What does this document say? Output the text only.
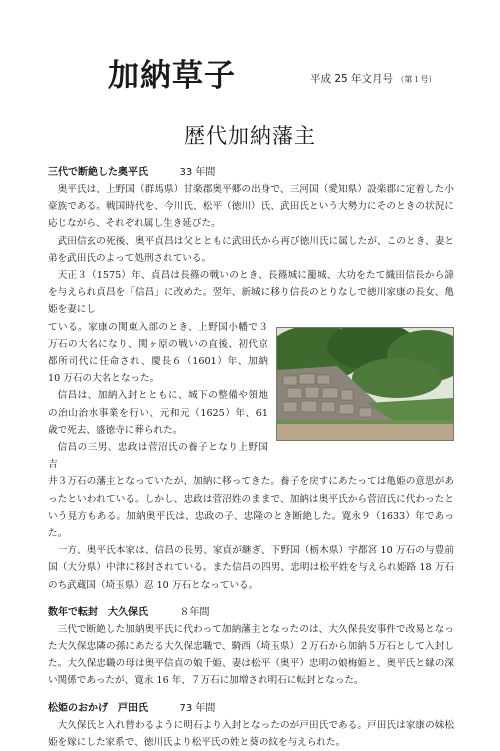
加納草子	平成 25 年文月号 （第１号）
歴代加納藩主
三代で断絶した奥平氏	33 年間

奥平氏は、上野国（群馬県）甘楽郡奥平郷の出身で、三河国（愛知県）設楽郡に定着した小豪族である。戦国時代を、今川氏、松平（徳川）氏、武田氏という大勢力にそのときの状況に応じながら、それぞれ属し生き延びた。

武田信玄の死後、奥平貞昌は父とともに武田氏から再び徳川氏に属したが、このとき、妻と弟を武田氏のよって処刑されている。

天正３（1575）年、貞昌は長篠の戦いのとき、長篠城に籠城、大功をたて織田信長から諱を与えられ貞昌を「信昌」に改めた。翌年、新城に移り信長のとりなしで徳川家康の長女、亀姫を妻にし

ている。家康の関東入部のとき、上野国小幡で３万石の大名になり、関ヶ原の戦いの直後、初代京都所司代に任命され、慶長６（1601）年、加納 10 万石の大名となった。

信昌は、加納入封とともに、城下の整備や領地の治山治水事業を行い、元和元（1625）年、61 歳で死去、盛徳寺に葬られた。

信昌の三男、忠政は菅沼氏の養子となり上野国吉

井３万石の藩主となっていたが、加納に移ってきた。養子を戻すにあたっては亀姫の意思があったといわれている。しかし、忠政は菅沼姓のままで、加納は奥平氏から菅沼氏に代わったという見方もある。加納奥平氏は、忠政の子、忠隆のとき断絶した。寛永９（1633）年であった。

一方、奥平氏本家は、信昌の長男、家貞が継ぎ、下野国（栃木県）宇都宮 10 万石の与豊前国（大分県）中津に移封されている。また信昌の四男、忠明は松平姓を与えられ姫路 18 万石のち武蔵国（埼玉県）忍 10 万石となっている。

数年で転封　大久保氏	８年間

三代で断絶した加納奥平氏に代わって加納藩主となったのは、大久保長安事件で改易となった大久保忠隣の孫にあたる大久保忠職で、騎西（埼玉県）２万石から加納５万石として入封した。大久保忠職の母は奥平信貞の娘千姫、妻は松平（奥平）忠明の娘梅姫と、奥平氏と縁の深い関係であったが、寛永 16 年、７万石に加増され明石に転封となった。

松姫のおかげ　戸田氏	73 年間

大久保氏と入れ替わるように明石より入封となったのが戸田氏である。戸田氏は家康の妹松姫を嫁にした家系で、徳川氏より松平氏の姓と葵の紋を与えられた。
